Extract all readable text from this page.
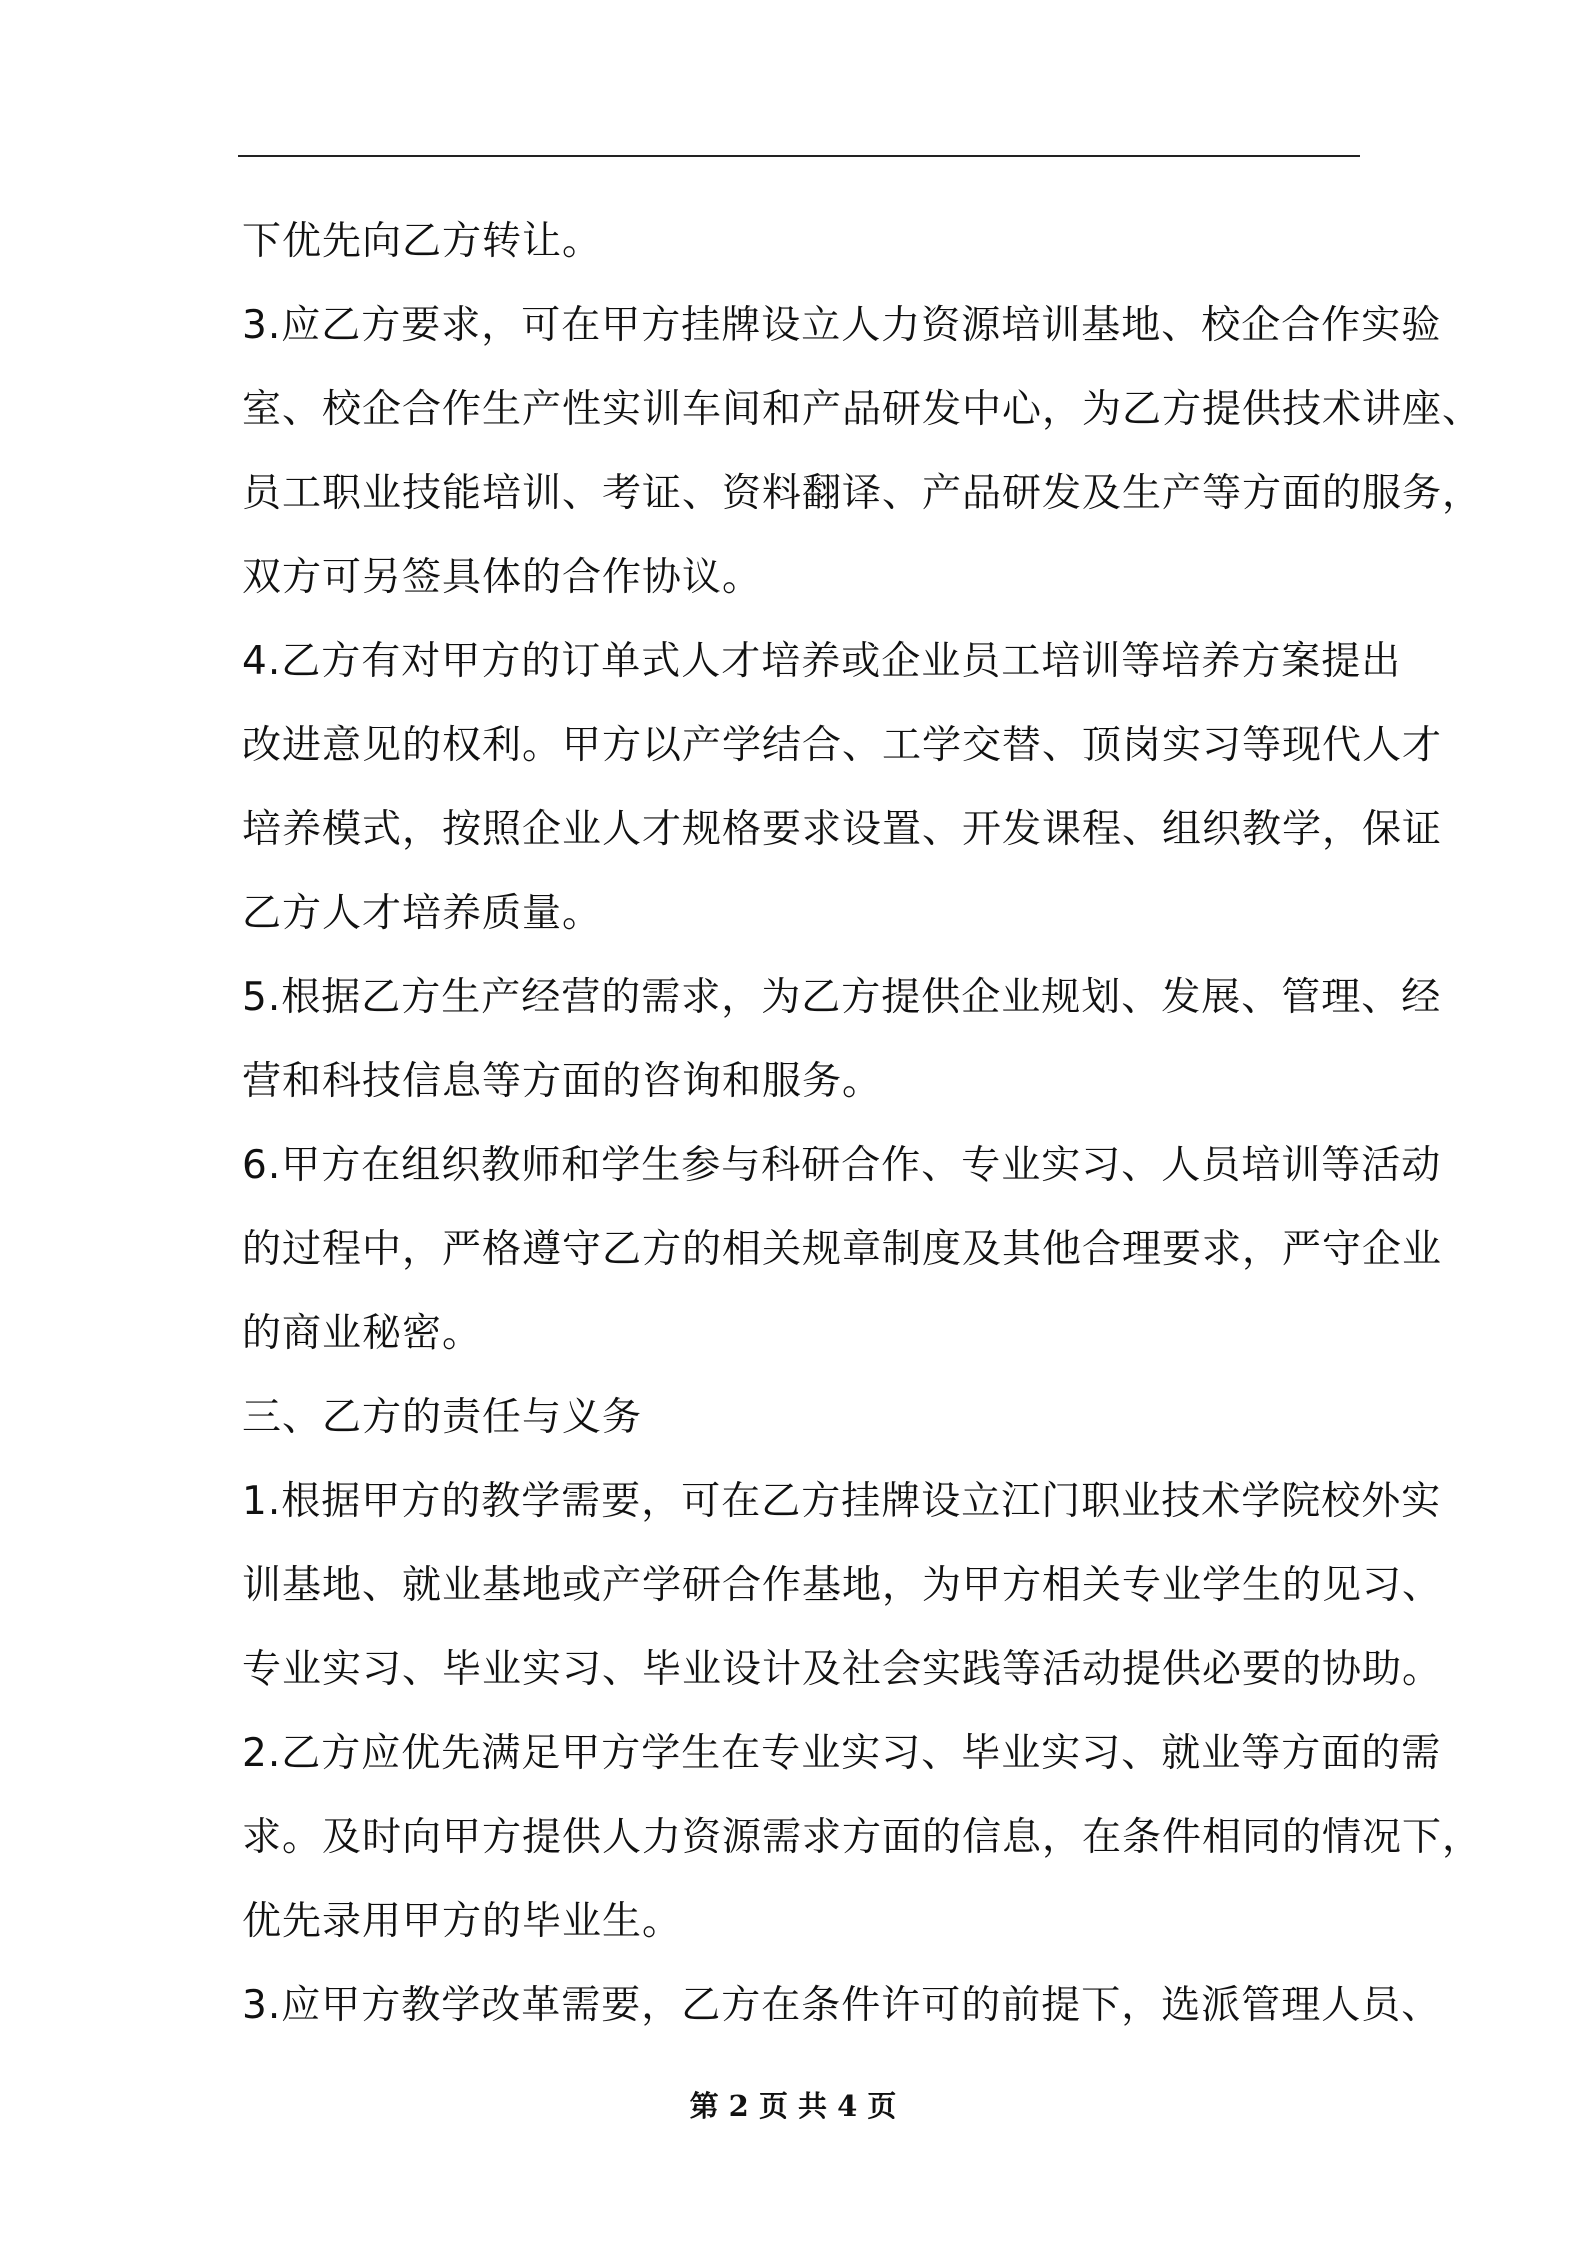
下优先向乙方转让。
3.应乙方要求，可在甲方挂牌设立人力资源培训基地、校企合作实验
室、校企合作生产性实训车间和产品研发中心，为乙方提供技术讲座、
员工职业技能培训、考证、资料翻译、产品研发及生产等方面的服务，
双方可另签具体的合作协议。
4.乙方有对甲方的订单式人才培养或企业员工培训等培养方案提出
改进意见的权利。甲方以产学结合、工学交替、顶岗实习等现代人才
培养模式，按照企业人才规格要求设置、开发课程、组织教学，保证
乙方人才培养质量。
5.根据乙方生产经营的需求，为乙方提供企业规划、发展、管理、经
营和科技信息等方面的咨询和服务。
6.甲方在组织教师和学生参与科研合作、专业实习、人员培训等活动
的过程中，严格遵守乙方的相关规章制度及其他合理要求，严守企业
的商业秘密。
三、乙方的责任与义务
1.根据甲方的教学需要，可在乙方挂牌设立江门职业技术学院校外实
训基地、就业基地或产学研合作基地，为甲方相关专业学生的见习、
专业实习、毕业实习、毕业设计及社会实践等活动提供必要的协助。
2.乙方应优先满足甲方学生在专业实习、毕业实习、就业等方面的需
求。及时向甲方提供人力资源需求方面的信息，在条件相同的情况下，
优先录用甲方的毕业生。
3.应甲方教学改革需要，乙方在条件许可的前提下，选派管理人员、
第 2 页 共 4 页
